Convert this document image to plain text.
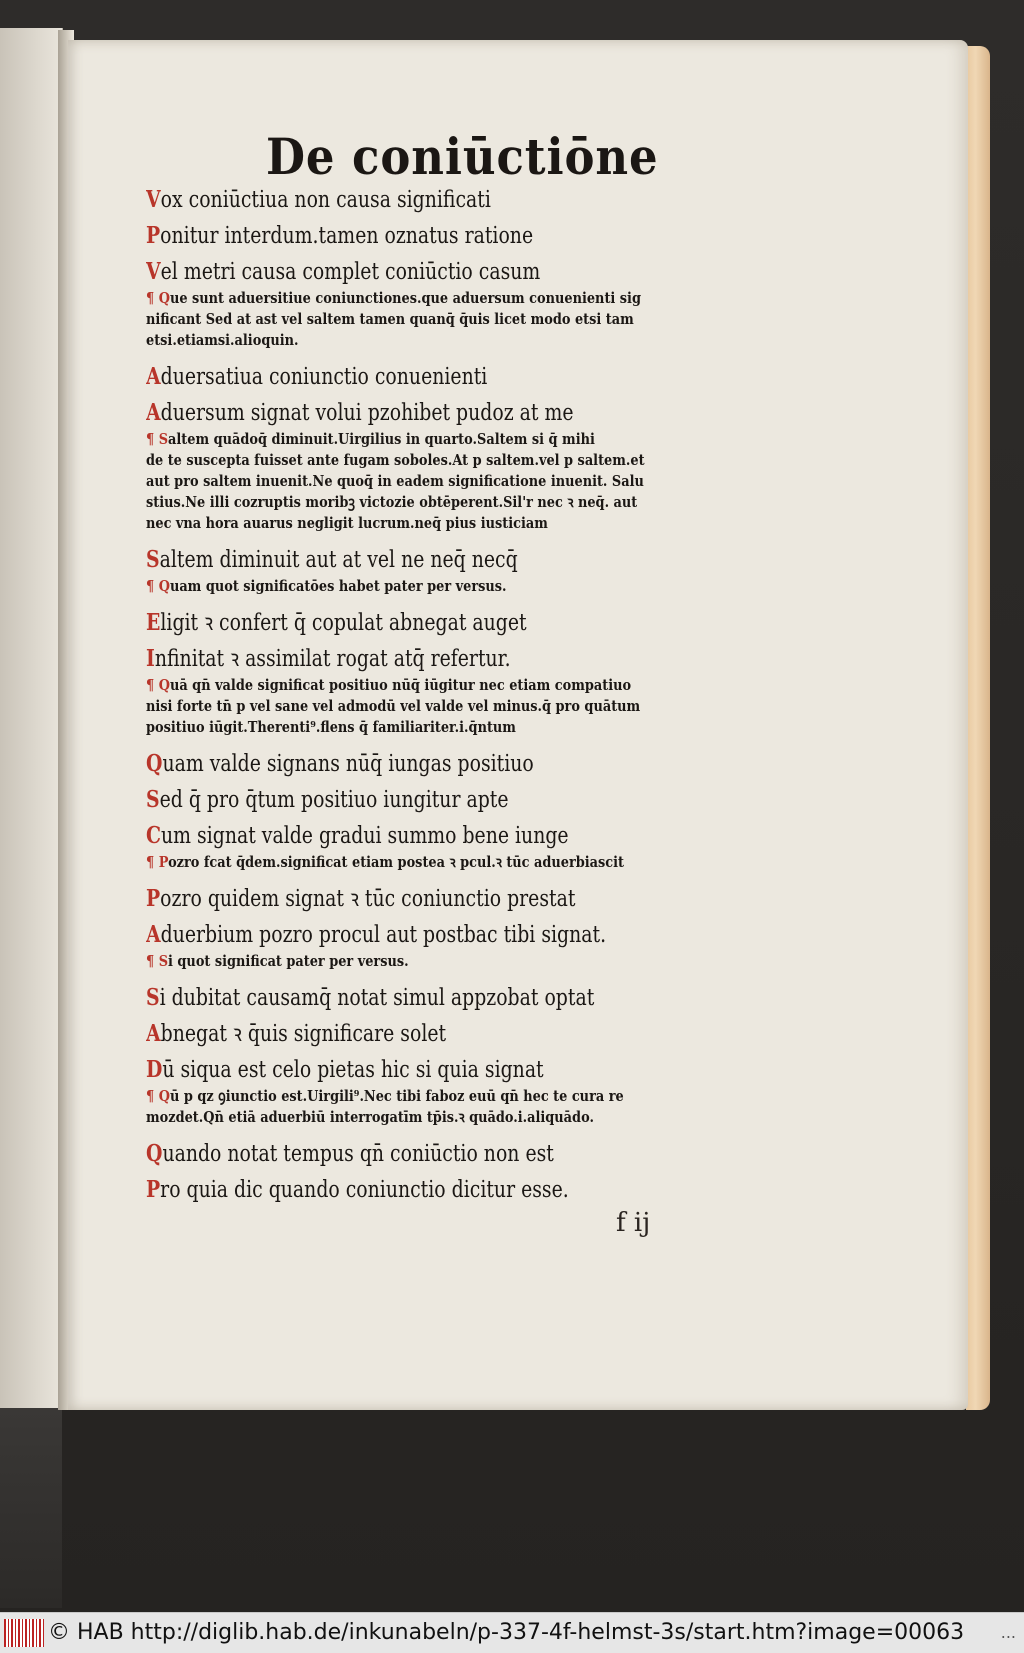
De coniūctiōne
Vox coniūctiua non causa significati
Ponitur interdum.tamen oznatus ratione
Vel metri causa complet coniūctio casum
¶ Que sunt aduersitiue coniunctiones.que aduersum conuenienti sig
nificant Sed at ast vel saltem tamen quanq̄ q̄uis licet modo etsi tam
etsi.etiamsi.alioquin.
Aduersatiua coniunctio conuenienti
Aduersum signat volui pzohibet pudoz at me
¶ Saltem quādoq̄ diminuit.Uirgilius in quarto.Saltem si q̄ mihi
de te suscepta fuisset ante fugam soboles.At p saltem.vel p saltem.et
aut pro saltem inuenit.Ne quoq̄ in eadem significatione inuenit. Salu
stius.Ne illi cozruptis moribꝫ victozie obtēperent.Sil'r nec ꝛ neq̄. aut
nec vna hora auarus negligit lucrum.neq̄ pius iusticiam
Saltem diminuit aut at vel ne neq̄ necq̄
¶ Quam quot significatōes habet pater per versus.
Eligit ꝛ confert q̄ copulat abnegat auget
Infinitat ꝛ assimilat rogat atq̄ refertur.
¶ Quā qn̄ valde significat positiuo nūq̄ iūgitur nec etiam compatiuo
nisi forte tn̄ p vel sane vel admodū vel valde vel minus.q̄ pro quātum
positiuo iūgit.Therenti⁹.flens q̄ familiariter.i.q̄ntum
Quam valde signans nūq̄ iungas positiuo
Sed q̄ pro q̄tum positiuo iungitur apte
Cum signat valde gradui summo bene iunge
¶ Pozro fcat q̄dem.significat etiam postea ꝛ pcul.ꝛ tūc aduerbiascit
Pozro quidem signat ꝛ tūc coniunctio prestat
Aduerbium pozro procul aut postbac tibi signat.
¶ Si quot significat pater per versus.
Si dubitat causamq̄ notat simul appzobat optat
Abnegat ꝛ q̄uis significare solet
Dū siqua est celo pietas hic si quia signat
¶ Qū p qz ꝯiunctio est.Uirgili⁹.Nec tibi faboz euū qn̄ hec te cura re
mozdet.Qn̄ etiā aduerbiū interrogatīm tp̄is.ꝛ quādo.i.aliquādo.
Quando notat tempus qn̄ coniūctio non est
Pro quia dic quando coniunctio dicitur esse.
f ij
© HAB http://diglib.hab.de/inkunabeln/p-337-4f-helmst-3s/start.htm?image=00063 ...
